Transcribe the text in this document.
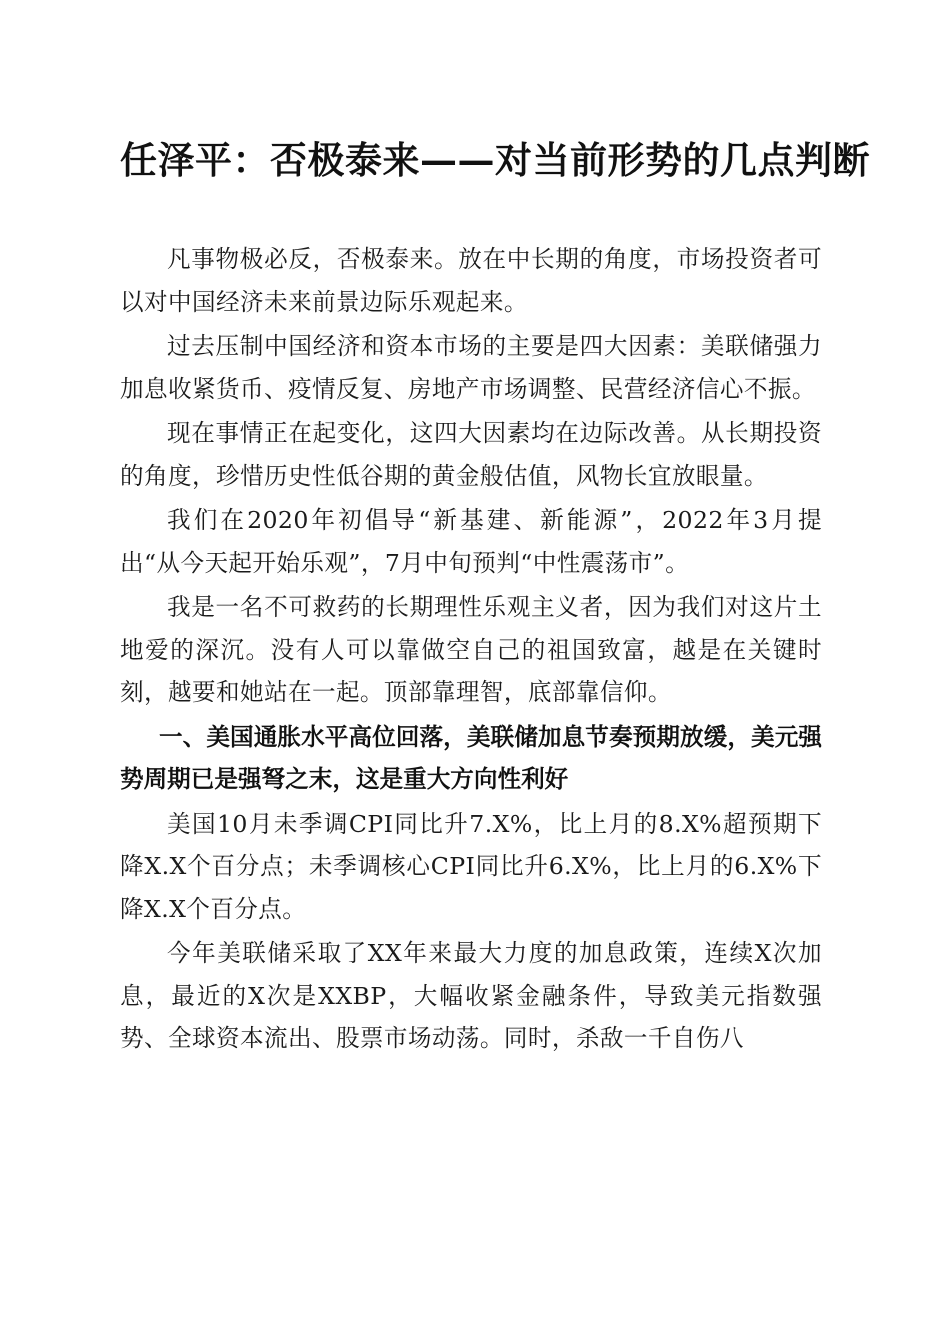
任泽平：否极泰来——对当前形势的几点判断

凡事物极必反，否极泰来。放在中长期的角度，市场投资者可以对中国经济未来前景边际乐观起来。

过去压制中国经济和资本市场的主要是四大因素：美联储强力加息收紧货币、疫情反复、房地产市场调整、民营经济信心不振。

现在事情正在起变化，这四大因素均在边际改善。从长期投资的角度，珍惜历史性低谷期的黄金般估值，风物长宜放眼量。

我们在2020年初倡导“新基建、新能源”，2022年3月提出“从今天起开始乐观”，7月中旬预判“中性震荡市”。

我是一名不可救药的长期理性乐观主义者，因为我们对这片土地爱的深沉。没有人可以靠做空自己的祖国致富，越是在关键时刻，越要和她站在一起。顶部靠理智，底部靠信仰。

一、美国通胀水平高位回落，美联储加息节奏预期放缓，美元强势周期已是强弩之末，这是重大方向性利好

美国10月未季调CPI同比升7.X%，比上月的8.X%超预期下降X.X个百分点；未季调核心CPI同比升6.X%，比上月的6.X%下降X.X个百分点。

今年美联储采取了XX年来最大力度的加息政策，连续X次加息，最近的X次是XXBP，大幅收紧金融条件，导致美元指数强势、全球资本流出、股票市场动荡。同时，杀敌一千自伤八
